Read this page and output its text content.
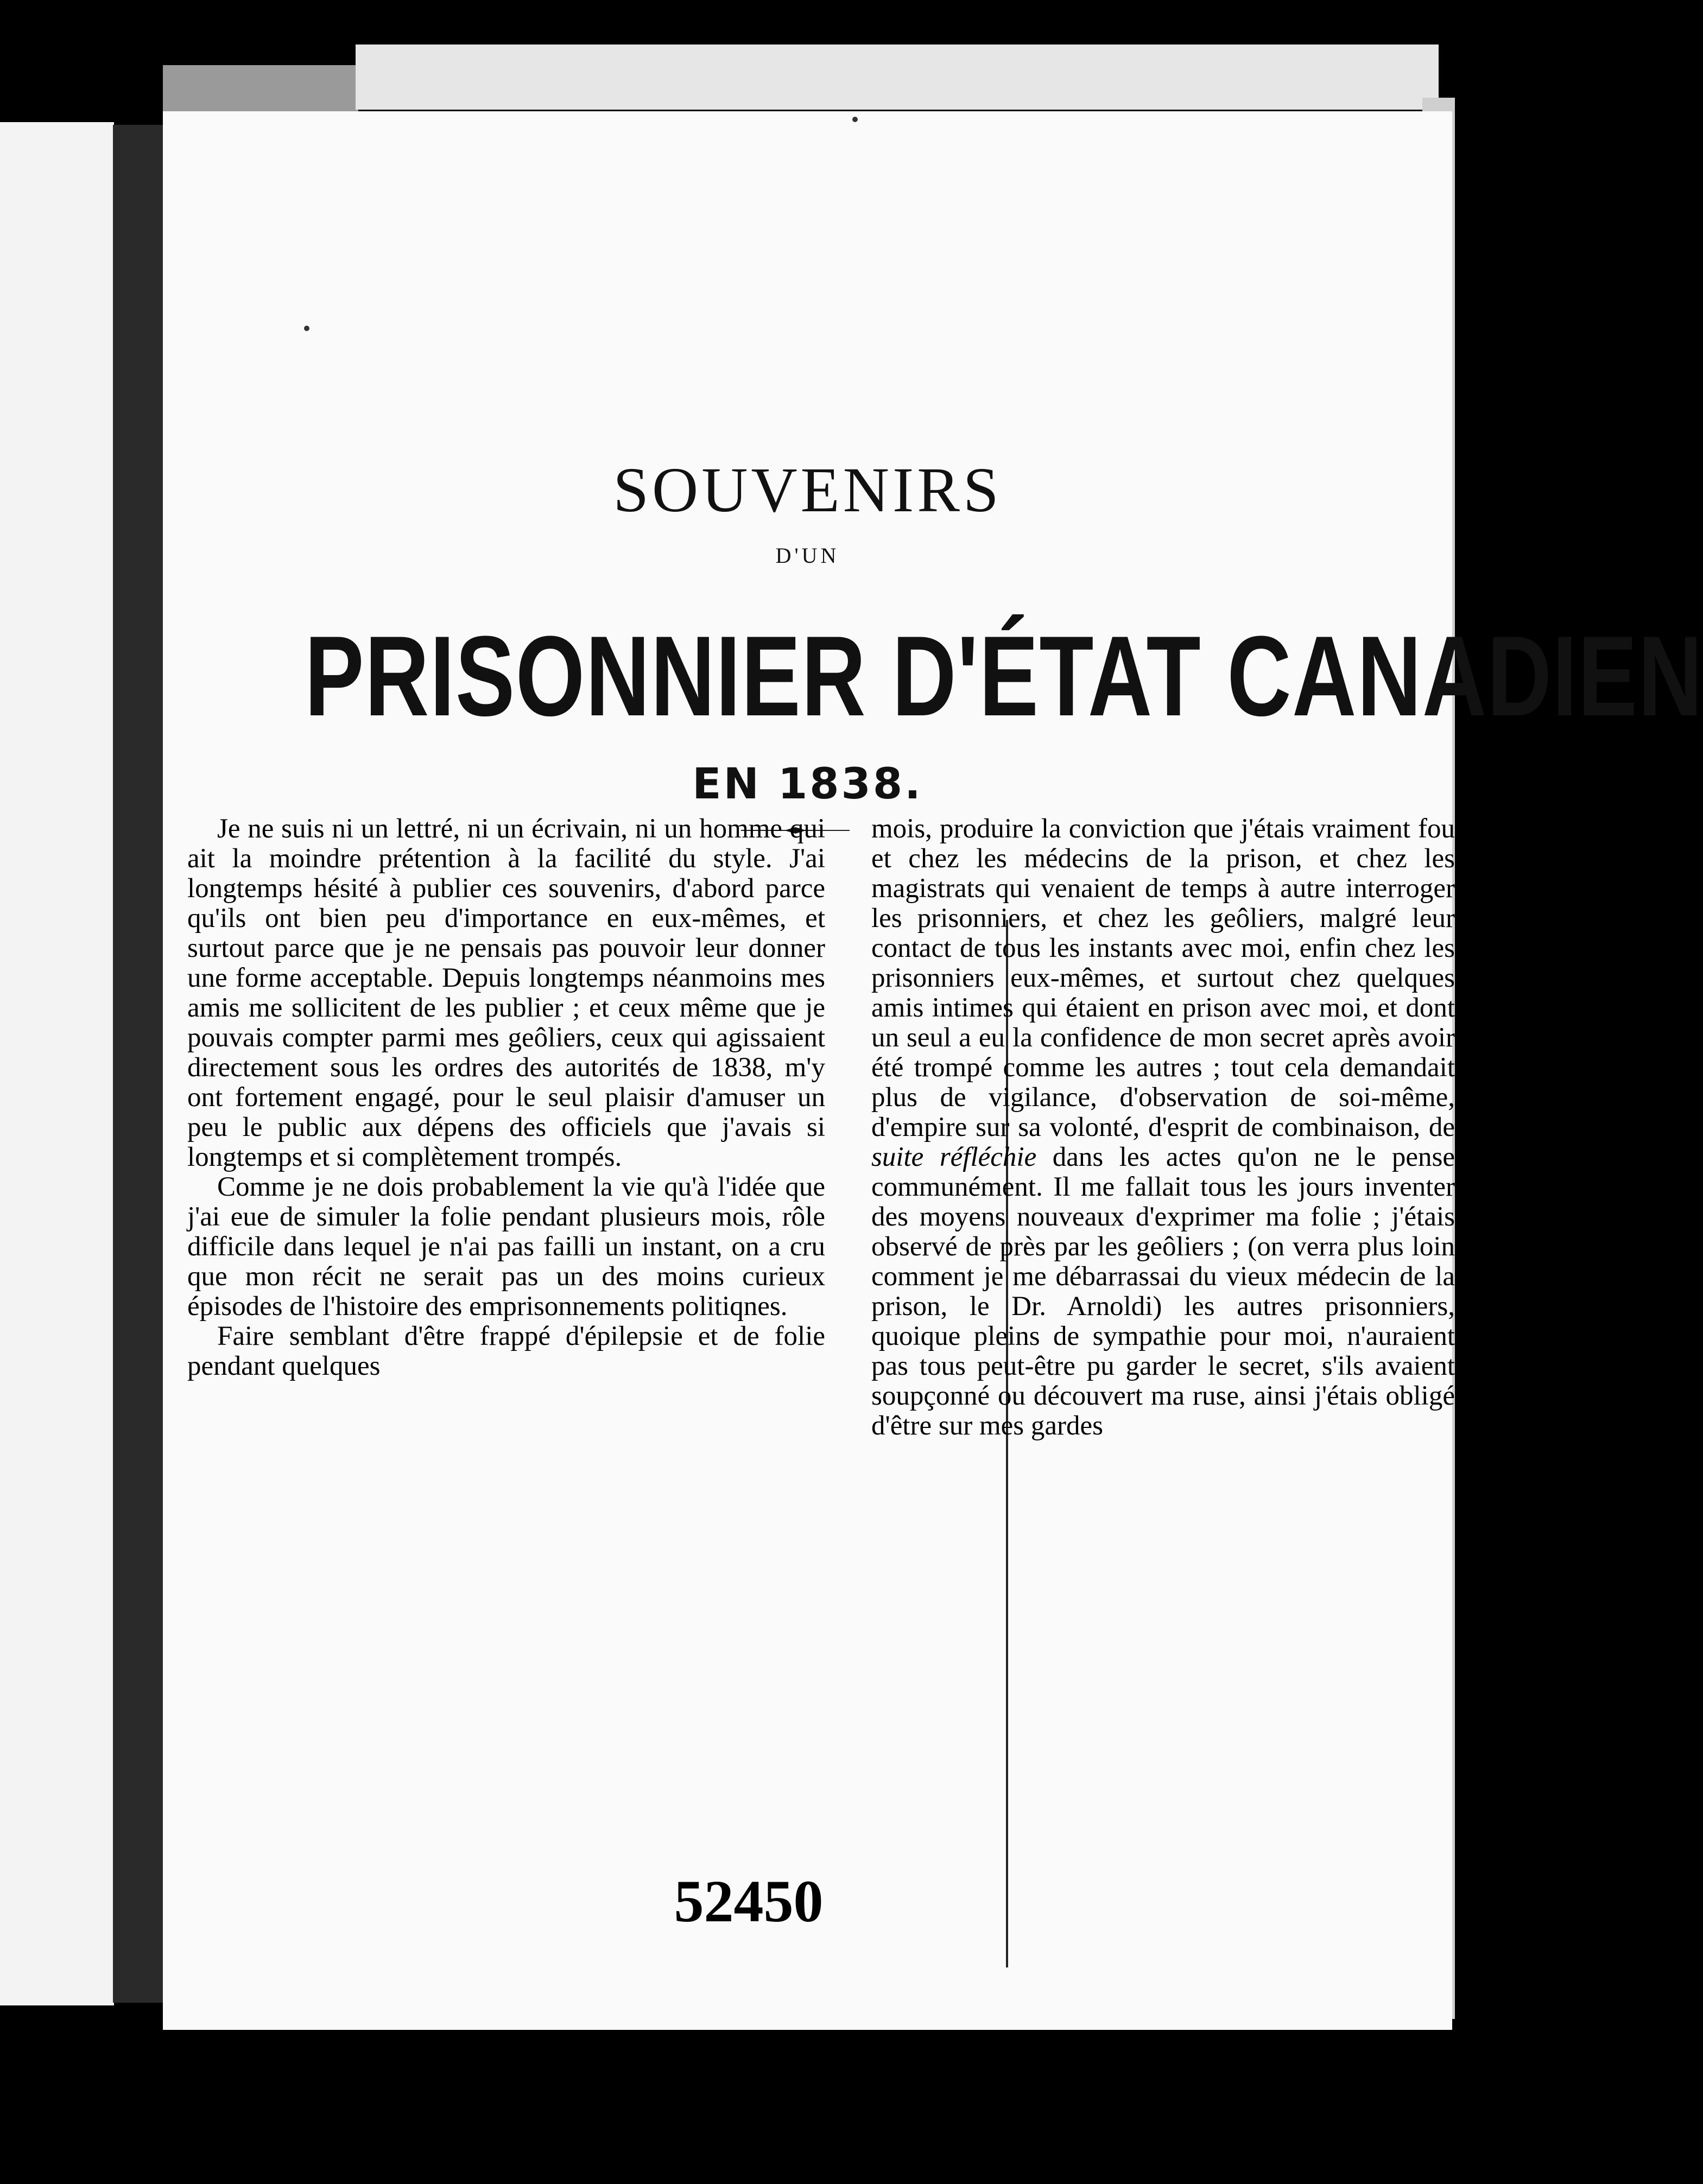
SOUVENIRS
D'UN
PRISONNIER D'ÉTAT CANADIEN
EN 1838.

Je ne suis ni un lettré, ni un écrivain, ni un homme qui ait la moindre prétention à la facilité du style. J'ai longtemps hésité à publier ces souvenirs, d'abord parce qu'ils ont bien peu d'importance en eux-mêmes, et surtout parce que je ne pensais pas pouvoir leur donner une forme acceptable. Depuis longtemps néanmoins mes amis me sollicitent de les publier ; et ceux même que je pouvais compter parmi mes geôliers, ceux qui agissaient directement sous les ordres des autorités de 1838, m'y ont fortement engagé, pour le seul plaisir d'amuser un peu le public aux dépens des officiels que j'avais si longtemps et si complètement trompés.

Comme je ne dois probablement la vie qu'à l'idée que j'ai eue de simuler la folie pendant plusieurs mois, rôle difficile dans lequel je n'ai pas failli un instant, on a cru que mon récit ne serait pas un des moins curieux épisodes de l'histoire des emprisonnements politiqnes.

Faire semblant d'être frappé d'épilepsie et de folie pendant quelques

mois, produire la conviction que j'étais vraiment fou et chez les médecins de la prison, et chez les magistrats qui venaient de temps à autre interroger les prisonniers, et chez les geôliers, malgré leur contact de tous les instants avec moi, enfin chez les prisonniers eux-mêmes, et surtout chez quelques amis intimes qui étaient en prison avec moi, et dont un seul a eu la confidence de mon secret après avoir été trompé comme les autres ; tout cela demandait plus de vigilance, d'observation de soi-même, d'empire sur sa volonté, d'esprit de combinaison, de suite réfléchie dans les actes qu'on ne le pense communément. Il me fallait tous les jours inventer des moyens nouveaux d'exprimer ma folie ; j'étais observé de près par les geôliers ; (on verra plus loin comment je me débarrassai du vieux médecin de la prison, le Dr. Arnoldi) les autres prisonniers, quoique pleins de sympathie pour moi, n'auraient pas tous peut-être pu garder le secret, s'ils avaient soupçonné ou découvert ma ruse, ainsi j'étais obligé d'être sur mes gardes

52450
